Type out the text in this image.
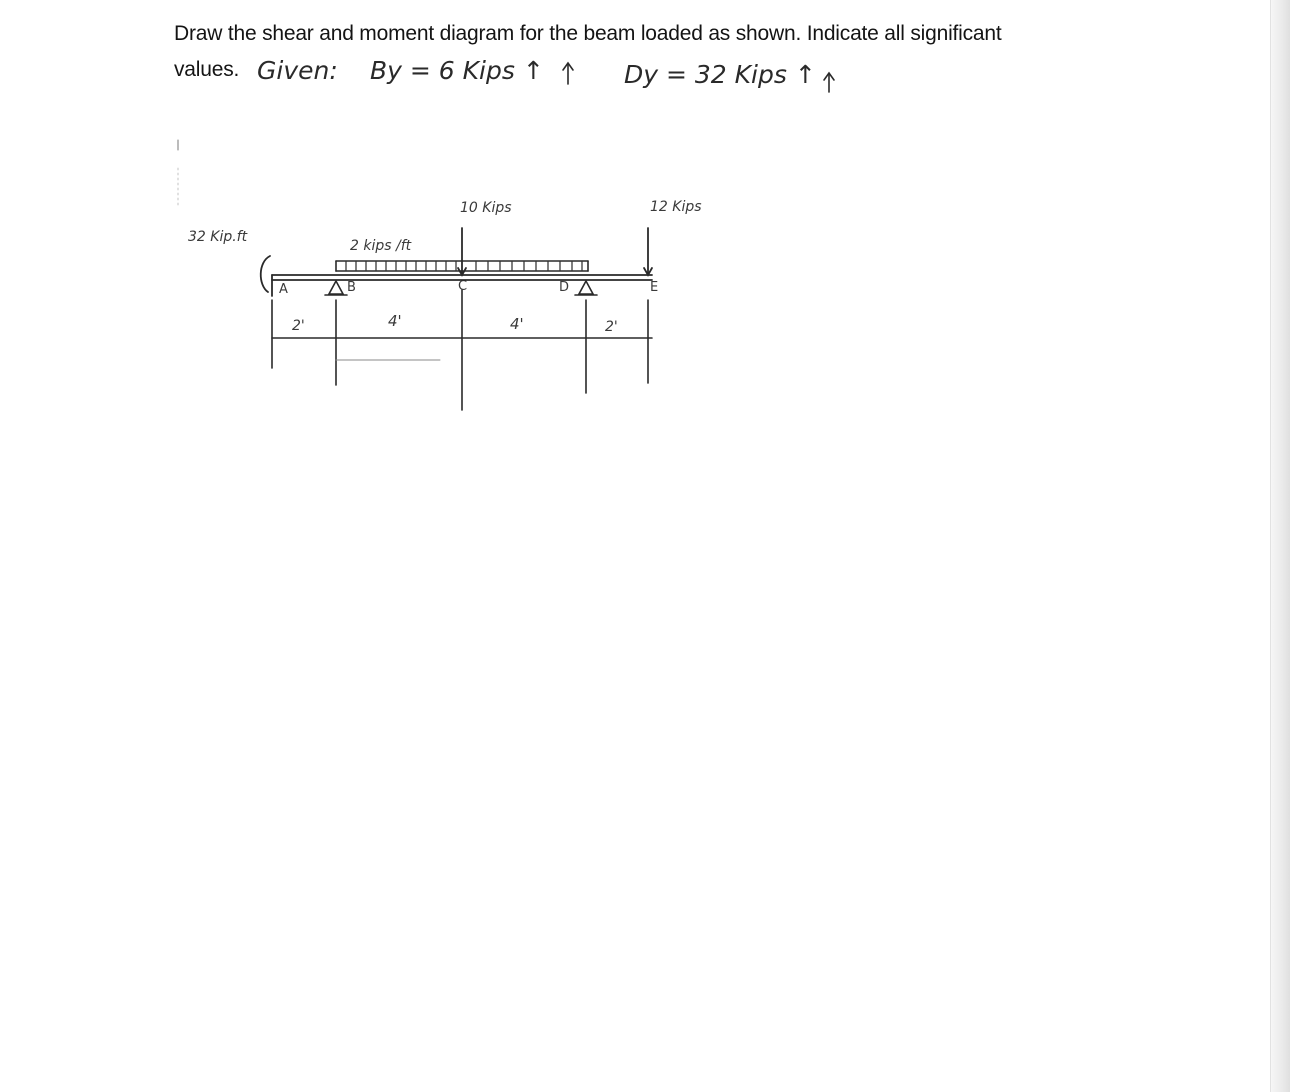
Draw the shear and moment diagram for the beam loaded as shown. Indicate all significant
values. Given: By = 6 Kips ↑	Dy = 32 Kips ↑
32 Kip.ft
2 kips /ft
10 Kips	12 Kips
A	B	C	D	E
2'	4'	4'	2'
